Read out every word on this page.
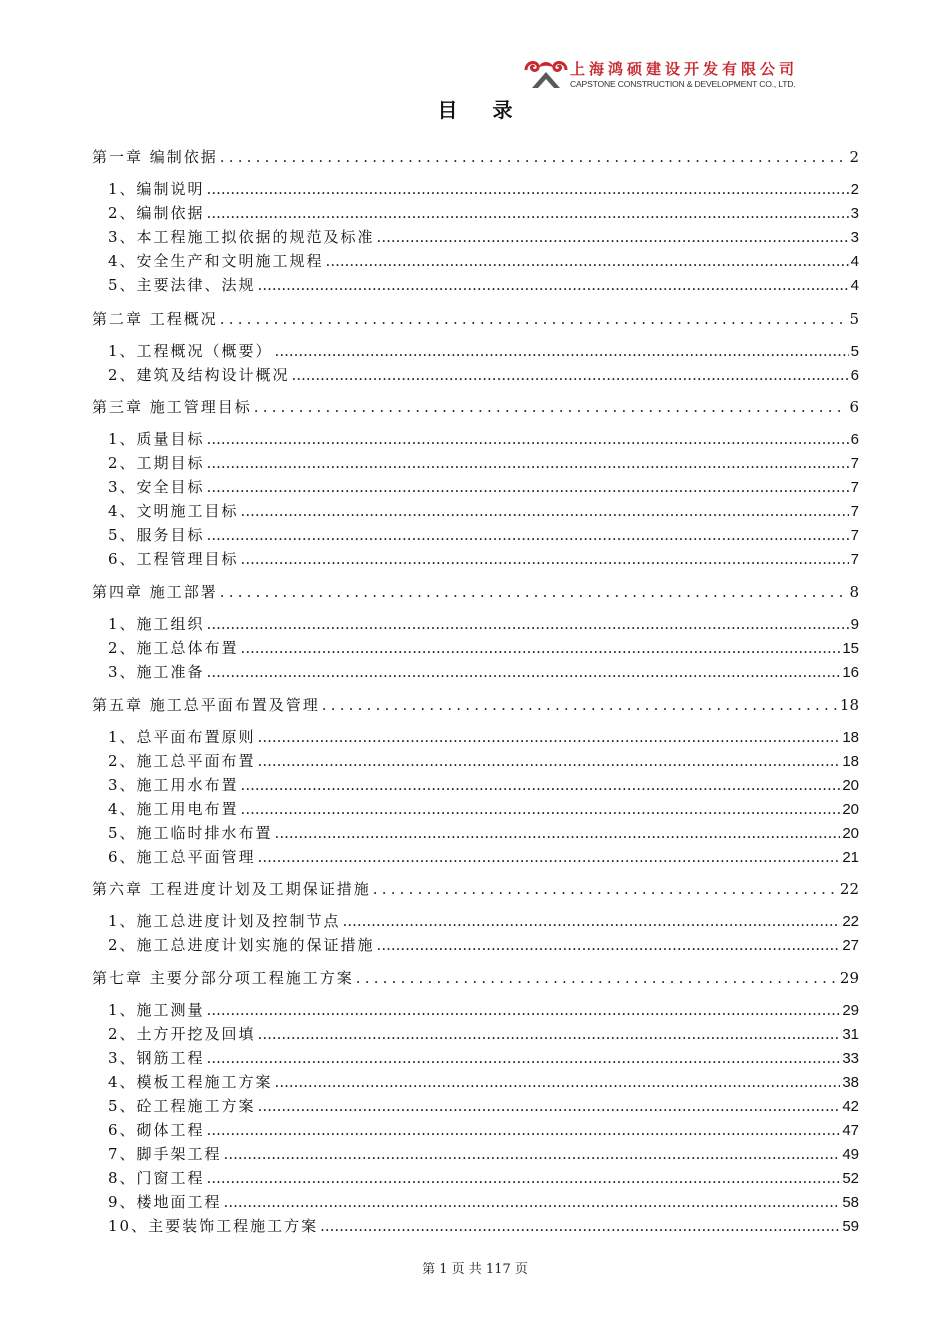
上海鸿硕建设开发有限公司
CAPSTONE CONSTRUCTION & DEVELOPMENT CO., LTD.
目 录
第一章 编制依据 .....	2
1、编制说明 .....	2
2、编制依据 .....	3
3、本工程施工拟依据的规范及标准 .....	3
4、安全生产和文明施工规程 .....	4
5、主要法律、法规 .....	4
第二章 工程概况 .....	5
1、工程概况（概要） .....	5
2、建筑及结构设计概况 .....	6
第三章 施工管理目标 .....	6
1、质量目标 .....	6
2、工期目标 .....	7
3、安全目标 .....	7
4、文明施工目标 .....	7
5、服务目标 .....	7
6、工程管理目标 .....	7
第四章 施工部署 .....	8
1、施工组织 .....	9
2、施工总体布置 .....	15
3、施工准备 .....	16
第五章 施工总平面布置及管理 .....	18
1、总平面布置原则 .....	18
2、施工总平面布置 .....	18
3、施工用水布置 .....	20
4、施工用电布置 .....	20
5、施工临时排水布置 .....	20
6、施工总平面管理 .....	21
第六章 工程进度计划及工期保证措施 .....	22
1、施工总进度计划及控制节点 .....	22
2、施工总进度计划实施的保证措施 .....	27
第七章 主要分部分项工程施工方案 .....	29
1、施工测量 .....	29
2、土方开挖及回填 .....	31
3、钢筋工程 .....	33
4、模板工程施工方案 .....	38
5、砼工程施工方案 .....	42
6、砌体工程 .....	47
7、脚手架工程 .....	49
8、门窗工程 .....	52
9、楼地面工程 .....	58
10、主要装饰工程施工方案 .....	59
第 1 页 共 117 页
